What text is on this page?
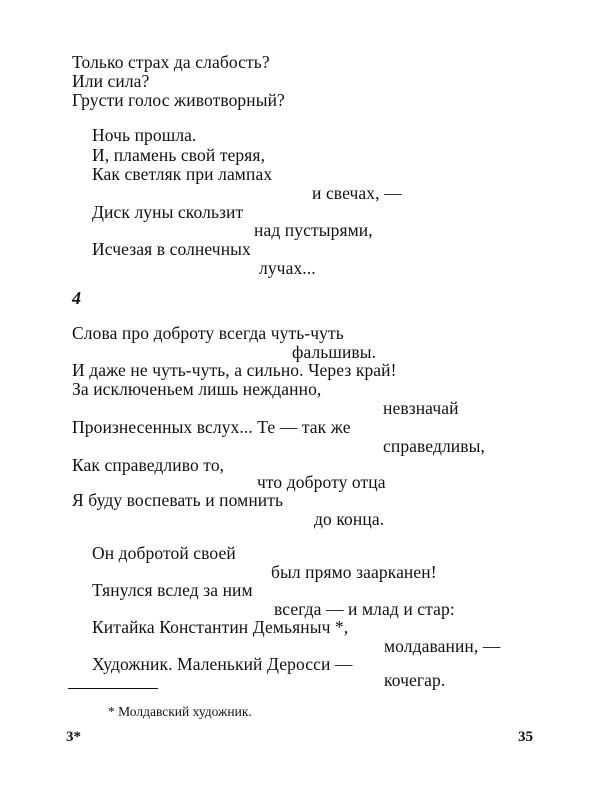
Только страх да слабость?
Или сила?
Грусти голос животворный?
Ночь прошла.
И, пламень свой теряя,
Как светляк при лампах
и свечах, —
Диск луны скользит
над пустырями,
Исчезая в солнечных
лучах...
4
Слова про доброту всегда чуть-чуть
фальшивы.
И даже не чуть-чуть, а сильно. Через край!
За исключеньем лишь нежданно,
невзначай
Произнесенных вслух... Те — так же
справедливы,
Как справедливо то,
что доброту отца
Я буду воспевать и помнить
до конца.
Он добротой своей
был прямо заарканен!
Тянулся вслед за ним
всегда — и млад и стар:
Китайка Константин Демьяныч *,
молдаванин, —
Художник. Маленький Деросси —
кочегар.
* Молдавский художник.
3*	35
